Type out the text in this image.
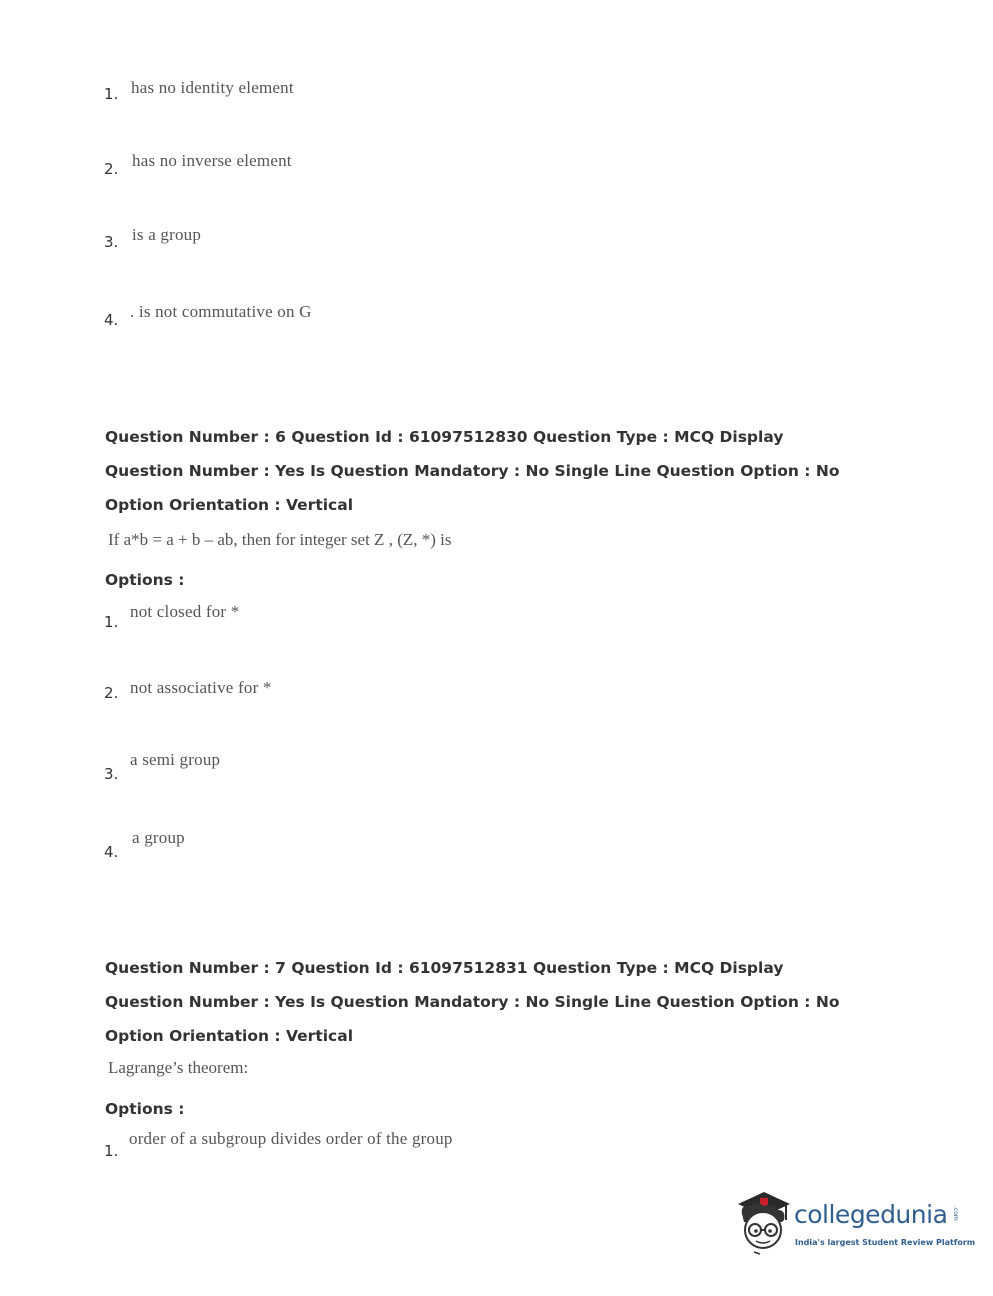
1. has no identity element
2. has no inverse element
3. is a group
4. . is not commutative on G
Question Number : 6 Question Id : 61097512830 Question Type : MCQ Display Question Number : Yes Is Question Mandatory : No Single Line Question Option : No Option Orientation : Vertical
If a*b = a + b – ab, then for integer set Z , (Z, *) is
Options :
1.
not closed for *
2. not associative for *
3.
a semi group
4.
a group
Question Number : 7 Question Id : 61097512831 Question Type : MCQ Display Question Number : Yes Is Question Mandatory : No Single Line Question Option : No Option Orientation : Vertical
Lagrange’s theorem:
Options :
1.
order of a subgroup divides order of the group
collegedunia .com
India's largest Student Review Platform
